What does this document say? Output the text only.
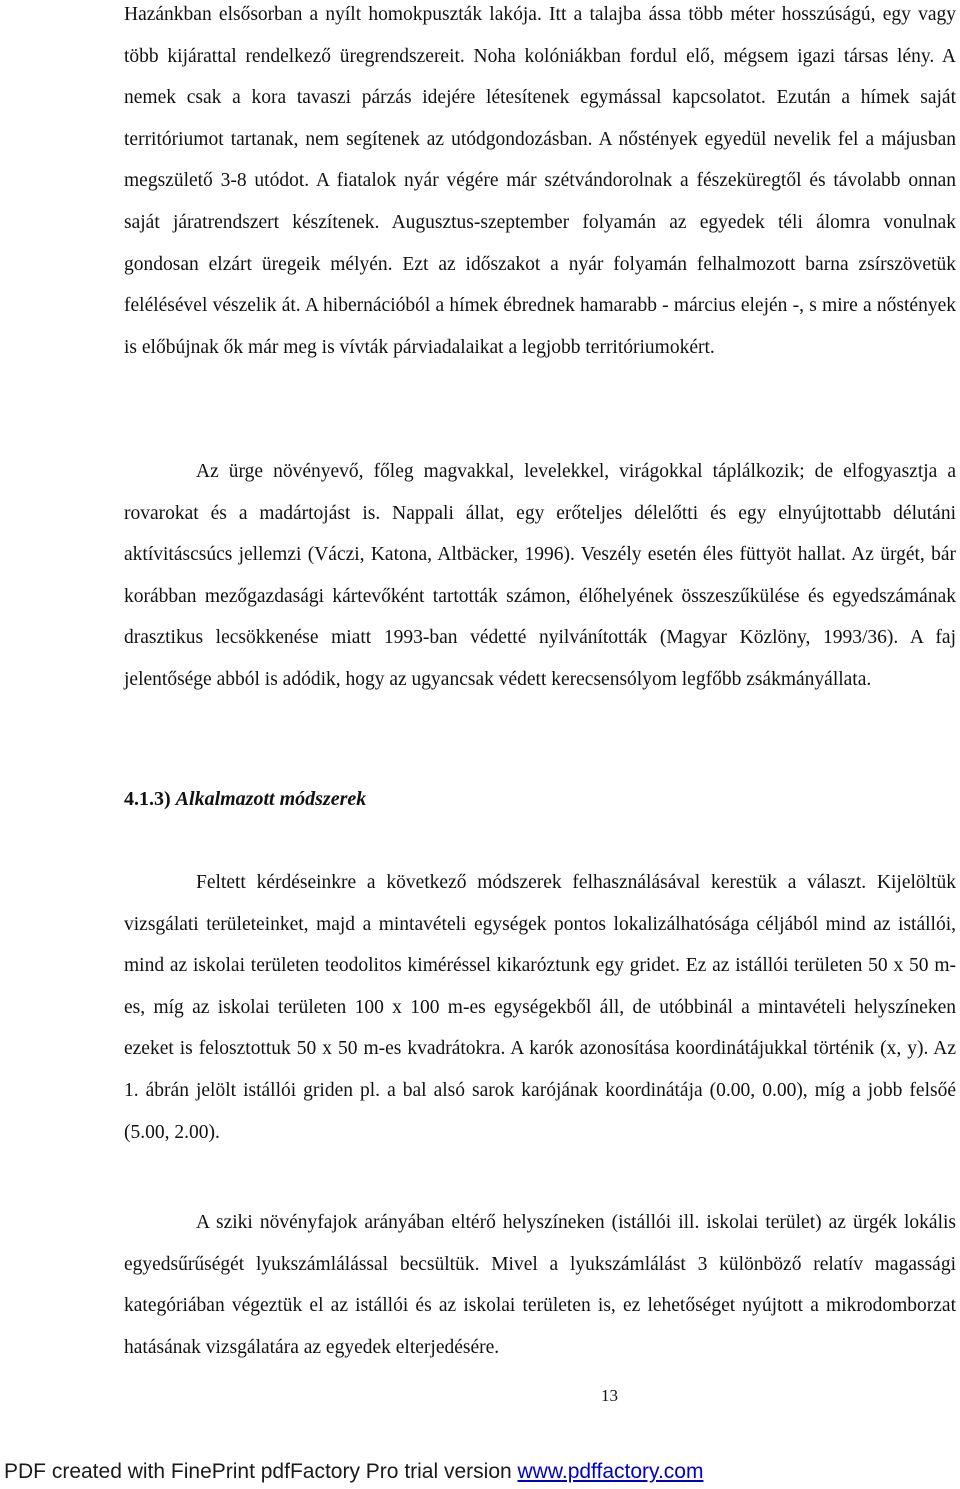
Hazánkban elsősorban a nyílt homokpuszták lakója. Itt a talajba ássa több méter hosszúságú, egy vagy több kijárattal rendelkező üregrendszereit. Noha kolóniákban fordul elő, mégsem igazi társas lény. A nemek csak a kora tavaszi párzás idejére létesítenek egymással kapcsolatot. Ezután a hímek saját territóriumot tartanak, nem segítenek az utódgondozásban. A nőstények egyedül nevelik fel a májusban megszülető 3-8 utódot. A fiatalok nyár végére már szétvándorolnak a fészeküregtől és távolabb onnan saját járatrendszert készítenek. Augusztus-szeptember folyamán az egyedek téli álomra vonulnak gondosan elzárt üregeik mélyén. Ezt az időszakot a nyár folyamán felhalmozott barna zsírszövetük felélésével vészelik át. A hibernációból a hímek ébrednek hamarabb - március elején -, s mire a nőstények is előbújnak ők már meg is vívták párviadalaikat a legjobb territóriumokért.

Az ürge növényevő, főleg magvakkal, levelekkel, virágokkal táplálkozik; de elfogyasztja a rovarokat és a madártojást is. Nappali állat, egy erőteljes délelőtti és egy elnyújtottabb délutáni aktívitáscsúcs jellemzi (Váczi, Katona, Altbäcker, 1996). Veszély esetén éles füttyöt hallat. Az ürgét, bár korábban mezőgazdasági kártevőként tartották számon, élőhelyének összeszűkülése és egyedszámának drasztikus lecsökkenése miatt 1993-ban védetté nyilvánították (Magyar Közlöny, 1993/36). A faj jelentősége abból is adódik, hogy az ugyancsak védett kerecsensólyom legfőbb zsákmányállata.

4.1.3) Alkalmazott módszerek

Feltett kérdéseinkre a következő módszerek felhasználásával kerestük a választ. Kijelöltük vizsgálati területeinket, majd a mintavételi egységek pontos lokalizálhatósága céljából mind az istállói, mind az iskolai területen teodolitos kiméréssel kikaróztunk egy gridet. Ez az istállói területen 50 x 50 m-es, míg az iskolai területen 100 x 100 m-es egységekből áll, de utóbbinál a mintavételi helyszíneken ezeket is felosztottuk 50 x 50 m-es kvadrátokra. A karók azonosítása koordinátájukkal történik (x, y). Az 1. ábrán jelölt istállói griden pl. a bal alsó sarok karójának koordinátája (0.00, 0.00), míg a jobb felsőé (5.00, 2.00).

A sziki növényfajok arányában eltérő helyszíneken (istállói ill. iskolai terület) az ürgék lokális egyedsűrűségét lyukszámlálással becsültük. Mivel a lyukszámlálást 3 különböző relatív magassági kategóriában végeztük el az istállói és az iskolai területen is, ez lehetőséget nyújtott a mikrodomborzat hatásának vizsgálatára az egyedek elterjedésére.

13
PDF created with FinePrint pdfFactory Pro trial version www.pdffactory.com
